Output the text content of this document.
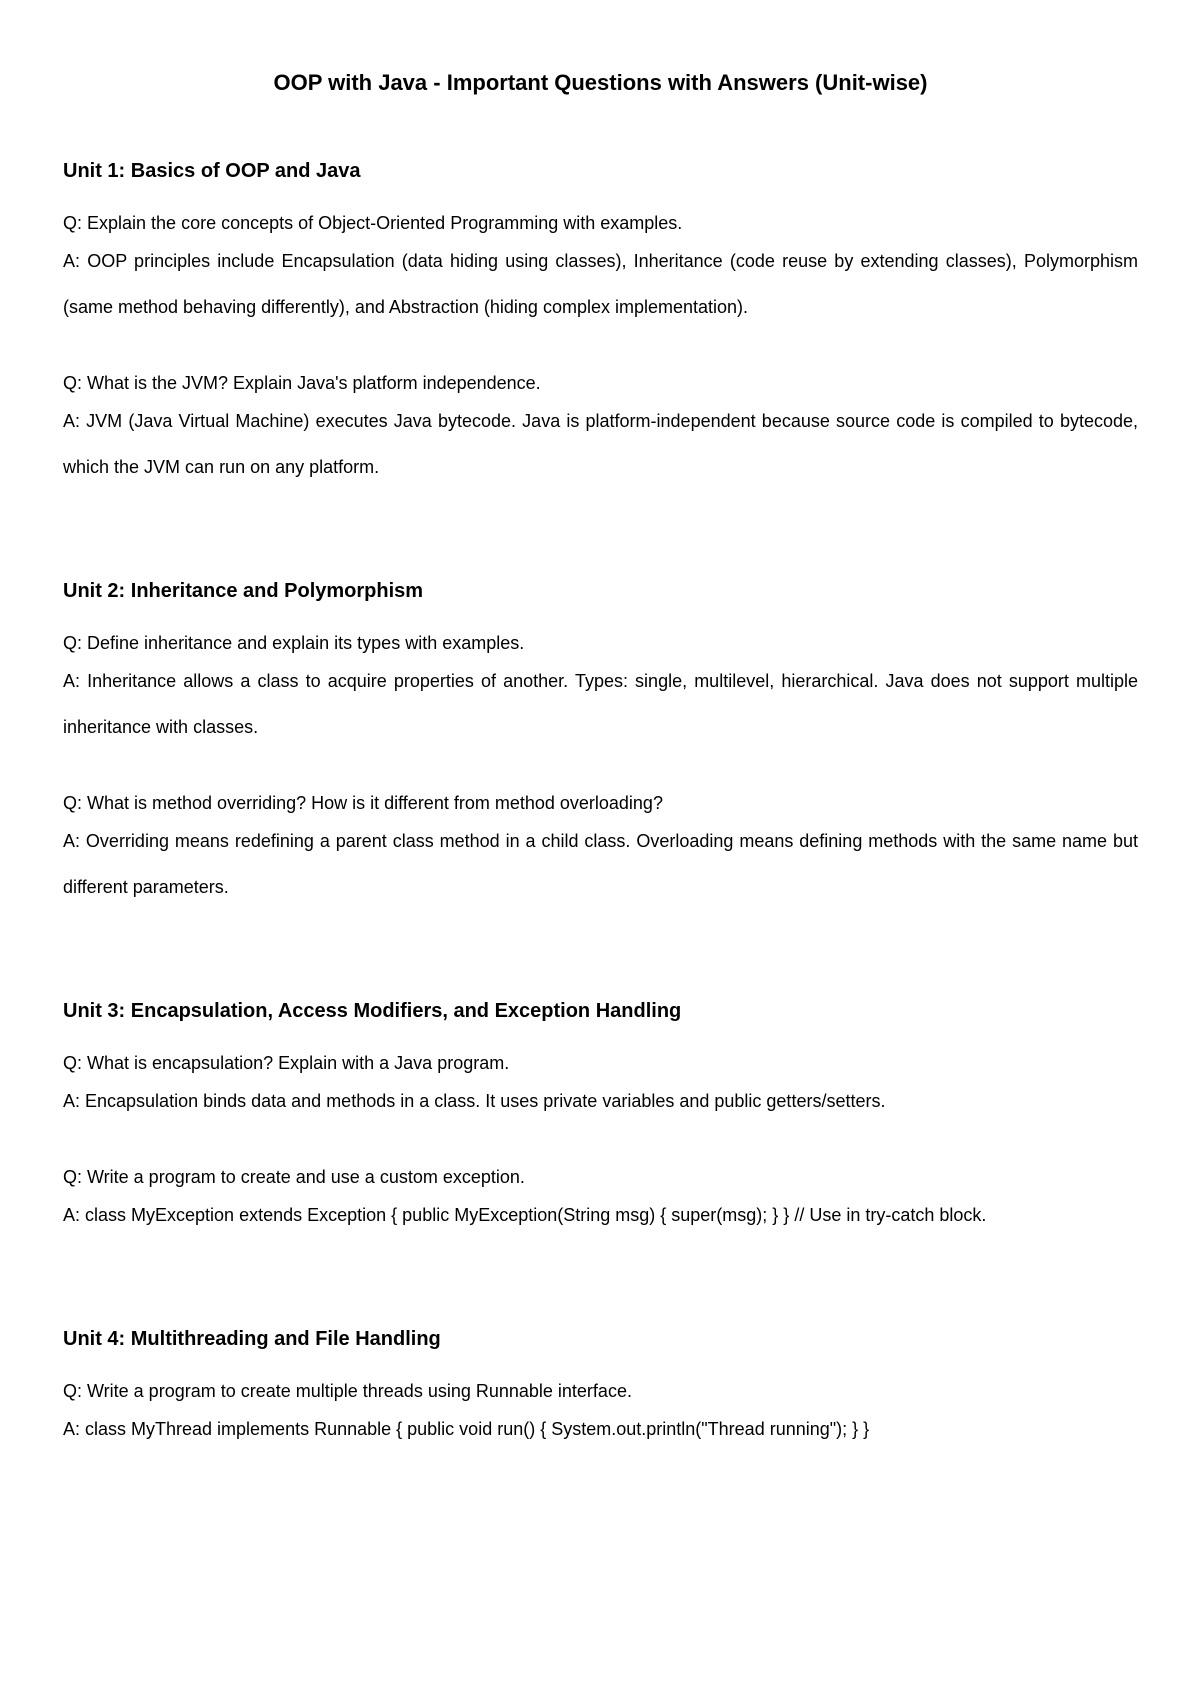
OOP with Java - Important Questions with Answers (Unit-wise)
Unit 1: Basics of OOP and Java

Q: Explain the core concepts of Object-Oriented Programming with examples.

A: OOP principles include Encapsulation (data hiding using classes), Inheritance (code reuse by extending classes), Polymorphism (same method behaving differently), and Abstraction (hiding complex implementation).

Q: What is the JVM? Explain Java's platform independence.

A: JVM (Java Virtual Machine) executes Java bytecode. Java is platform-independent because source code is compiled to bytecode, which the JVM can run on any platform.

Unit 2: Inheritance and Polymorphism

Q: Define inheritance and explain its types with examples.

A: Inheritance allows a class to acquire properties of another. Types: single, multilevel, hierarchical. Java does not support multiple inheritance with classes.

Q: What is method overriding? How is it different from method overloading?

A: Overriding means redefining a parent class method in a child class. Overloading means defining methods with the same name but different parameters.

Unit 3: Encapsulation, Access Modifiers, and Exception Handling

Q: What is encapsulation? Explain with a Java program.

A: Encapsulation binds data and methods in a class. It uses private variables and public getters/setters.

Q: Write a program to create and use a custom exception.

A: class MyException extends Exception { public MyException(String msg) { super(msg); } } // Use in try-catch block.

Unit 4: Multithreading and File Handling

Q: Write a program to create multiple threads using Runnable interface.

A: class MyThread implements Runnable { public void run() { System.out.println("Thread running"); } }
